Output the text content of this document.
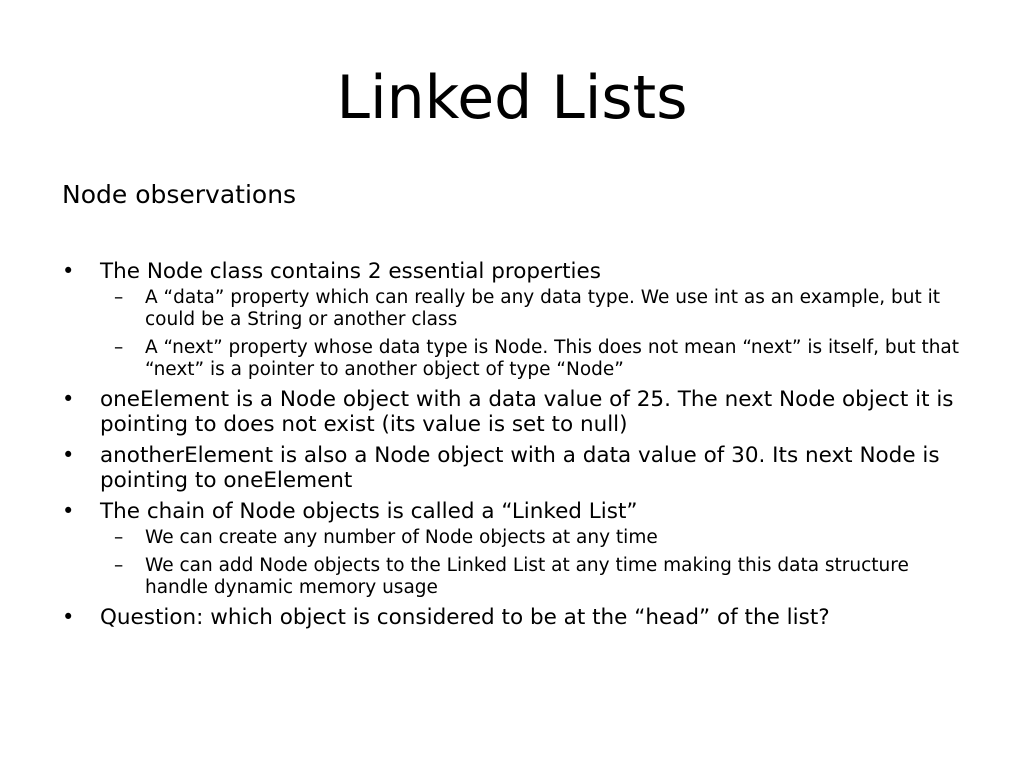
Linked Lists

Node observations

• The Node class contains 2 essential properties
– A “data” property which can really be any data type. We use int as an example, but it could be a String or another class
– A “next” property whose data type is Node. This does not mean “next” is itself, but that “next” is a pointer to another object of type “Node”
• oneElement is a Node object with a data value of 25. The next Node object it is pointing to does not exist (its value is set to null)
• anotherElement is also a Node object with a data value of 30. Its next Node is pointing to oneElement
• The chain of Node objects is called a “Linked List”
– We can create any number of Node objects at any time
– We can add Node objects to the Linked List at any time making this data structure handle dynamic memory usage
• Question: which object is considered to be at the “head” of the list?
